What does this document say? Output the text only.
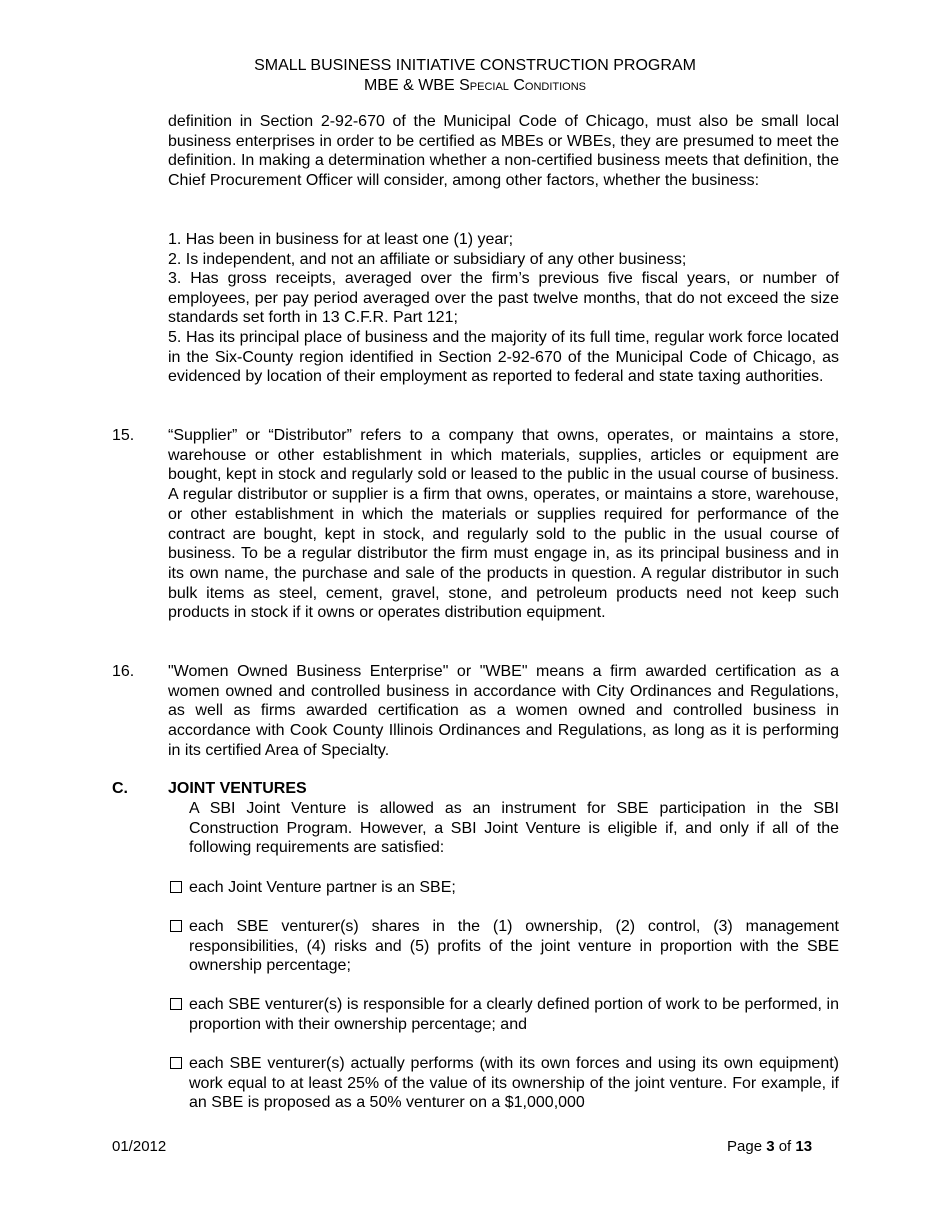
SMALL BUSINESS INITIATIVE CONSTRUCTION PROGRAM
MBE & WBE Special Conditions
definition in Section 2-92-670 of the Municipal Code of Chicago, must also be small local business enterprises in order to be certified as MBEs or WBEs, they are presumed to meet the definition. In making a determination whether a non-certified business meets that definition, the Chief Procurement Officer will consider, among other factors, whether the business:
1. Has been in business for at least one (1) year;
2. Is independent, and not an affiliate or subsidiary of any other business;
3. Has gross receipts, averaged over the firm’s previous five fiscal years, or number of employees, per pay period averaged over the past twelve months, that do not exceed the size standards set forth in 13 C.F.R. Part 121;
5. Has its principal place of business and the majority of its full time, regular work force located in the Six-County region identified in Section 2-92-670 of the Municipal Code of Chicago, as evidenced by location of their employment as reported to federal and state taxing authorities.
15. “Supplier” or “Distributor” refers to a company that owns, operates, or maintains a store, warehouse or other establishment in which materials, supplies, articles or equipment are bought, kept in stock and regularly sold or leased to the public in the usual course of business. A regular distributor or supplier is a firm that owns, operates, or maintains a store, warehouse, or other establishment in which the materials or supplies required for performance of the contract are bought, kept in stock, and regularly sold to the public in the usual course of business. To be a regular distributor the firm must engage in, as its principal business and in its own name, the purchase and sale of the products in question. A regular distributor in such bulk items as steel, cement, gravel, stone, and petroleum products need not keep such products in stock if it owns or operates distribution equipment.
16. "Women Owned Business Enterprise" or "WBE" means a firm awarded certification as a women owned and controlled business in accordance with City Ordinances and Regulations, as well as firms awarded certification as a women owned and controlled business in accordance with Cook County Illinois Ordinances and Regulations, as long as it is performing in its certified Area of Specialty.
C.	JOINT VENTURES
A SBI Joint Venture is allowed as an instrument for SBE participation in the SBI Construction Program. However, a SBI Joint Venture is eligible if, and only if all of the following requirements are satisfied:
each Joint Venture partner is an SBE;
each SBE venturer(s) shares in the (1) ownership, (2) control, (3) management responsibilities, (4) risks and (5) profits of the joint venture in proportion with the SBE ownership percentage;
each SBE venturer(s) is responsible for a clearly defined portion of work to be performed, in proportion with their ownership percentage; and
each SBE venturer(s) actually performs (with its own forces and using its own equipment) work equal to at least 25% of the value of its ownership of the joint venture. For example, if an SBE is proposed as a 50% venturer on a $1,000,000
01/2012	Page 3 of 13
